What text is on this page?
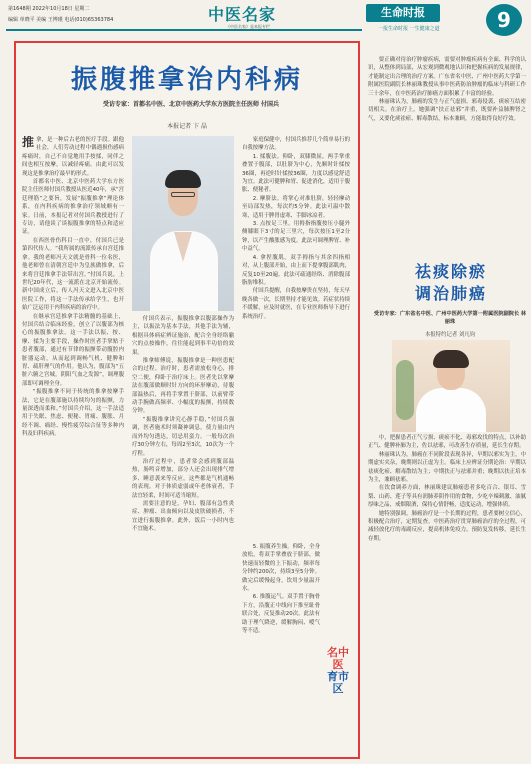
第1648期 2022年10月18日 星期二
编辑 单晓平 美编 王博瑾 电话(010)65363784	中医名家
《中医名家》是本报专栏
生命时报
一报生命时报 一生健康之道	9
振腹推拿治内科病
受访专家：首都名中医、北京中医药大学东方医院主任医师 付国兵
本报记者 卞 晶
推 拿，是一种后古老的医疗手段。跟他社会，人们劳动过程中偶遇损伤感病疼痛时，自己不自觉地用手按揉，同伴之间也相互按摩，以减轻疼痛。由此可以发现这是推拿治疗最早的形式。

首都名中医、北京中医药大学东方医院主任医师付国兵教授从医近40年，承“宫廷理筋”之要旨，发展“振腹推拿”理论体系，在内科疾病的推拿治疗领域颇有一家。日前，本报记者对付国兵教授进行了专访，请他谈了谈振腹推拿的特点和适应证。

在西医骨伤科目一直中，付国兵已是第四代传人。“我所属的流派传承自宫廷推拿。我的老师冯天文就是骨科一位名医，他老师曾在清朝宫廷中为皇族做推拿，后来将宫廷推拿手法带出宫。”付国兵说，上世纪20年代，这一流派在北京开始流传。新中国成立后，传人冯天文进入北京中医医院工作，将这一手法传承给学生，也开始广泛运用于内科疾病的治疗中。

在继承宫廷推拿手法精髓的基础上，付国兵结合临床经验，创立了以腹部为核心的振腹推拿法。这一手法以振、按、摩、揉为主要手段，操作时医者手掌贴于患者腹部，通过有节律的振颤带动腹腔内脏器运动，从而起到调畅气机、健脾和胃、疏肝理气的作用。他认为，腹部为“五脏六腑之宫城，阴阳气血之发源”，调理腹部即可调理全身。

“振腹推拿不同于传统的推拿按摩手法，它是在腹部施以持续均匀的振颤，力量深透而柔和。”付国兵介绍，这一手法适用于失眠、焦虑、便秘、胃痛、腹胀、月经不调、痛经、慢性疲劳综合征等多种内科及妇科疾病。

付国兵表示，振腹推拿以腹部操作为主，以振法为基本手法，其他手法为辅，根据具体病症辨证施治，配合全身经络腧穴的点按操作，往往能起到事半功倍的效果。

推拿师傅说，振腹推拿是一种医患配合的过程。治疗时，患者需放松身心，排空二便，仰卧于治疗床上。医者先以掌摩法在腹部做顺时针方向的环形摩动，待腹部温热后，再将手掌置于脐部，以前臂带动手腕做高频率、小幅度的振颤，持续数分钟。

“振腹推拿讲究心静手稳，”付国兵强调，医者施术时须凝神调息，使力量由内而外均匀透达，切忌用蛮力。一般每次治疗30分钟左右，每周2至3次，10次为一个疗程。

治疗过程中，患者常会感到腹部温热，肠鸣音增加，部分人还会出现排气增多、睡意袭来等反应，这些都是气机通畅的表现。对于体质虚弱或年老体衰者，手法宜轻柔，时间可适当缩短。

需要注意的是，孕妇、腹部有急性炎症、肿瘤、出血倾向以及皮肤破损者，不宜进行振腹推拿。此外，饭后一小时内也不宜施术。

家庭保健中，付国兵推荐几个简单易行的自我按摩方法。

1. 揉腹法。仰卧，双膝微屈，两手掌重叠置于腹部，以肚脐为中心，先顺时针揉按36圈，再逆时针揉按36圈，力度以感觉舒适为宜。此法可健脾和胃、促进消化，适用于腹胀、便秘者。

2. 摩脐法。将掌心对准肚脐，轻轻摩动至局部发热，每次约5分钟。此法可温中散寒，适用于脾胃虚寒、手脚冰凉者。

3. 点按足三里。用拇指指腹按压小腿外侧膝眼下3寸的足三里穴，每次按压1至2分钟，以产生酸胀感为度。此法可调理脾胃、补中益气。

4. 拿捏腹肌。双手拇指与其余四指相对，从上腹部开始，由上而下提拿腹部肌肉，反复10至20遍。此法可疏通经络、消除腹部脂肪堆积。

付国兵提醒，自我按摩贵在坚持，每天早晚各做一次，长期坚持才能见效。若症状持续不缓解，应及时就医，在专业医师指导下进行系统治疗。

5. 振腹养生操。仰卧，全身放松，将双手掌叠放于脐部，做快速而轻微的上下振动，频率每分钟约200次，持续3至5分钟。做完后缓慢起身，饮用少量温开水。

6. 推腹运气。双手置于胸骨下方，沿腹正中线向下推至耻骨联合处，反复推动20次。此法有助于理气降逆，缓解胸闷、嗳气等不适。

名中医
育市区

要正确对待治疗肿瘤疾病，需要对肿瘤疾病有全面、科学的认识，从整体到局部，从宏观到微观地认识和把握疾病的发展规律，才能制定出合理的治疗方案。广东省名中医、广州中医药大学第一附属医院副院长林丽珠教授从事中医药防治肿瘤的临床与科研工作三十余年，在中医药治疗肺癌方面积累了丰富的经验。

林丽珠认为，肺癌的发生与正气虚损、邪毒侵袭、痰瘀互结密切相关。在治疗上，她强调“扶正祛邪”并重，既要补益肺脾肾之气，又要化痰祛瘀、解毒散结，标本兼顾，方能取得良好疗效。

祛痰除瘀
调治肺癌
受访专家：广东省名中医、广州中医药大学第一附属医院副院长 林丽珠
本报特约记者 刘凡钧

中，把握患者正气亏损、痰瘀不化、毒邪攻伐的特点，以补助正气、健脾补肺为主，佐以祛邪，可改善生存质量，延长生存期。

林丽珠认为，肺癌在不同阶段表现各异，早期以邪实为主，中期虚实夹杂，晚期则以正虚为主。临床上应辨证分期论治：早期以祛痰化瘀、解毒散结为主；中期扶正与祛邪并重；晚期以扶正培本为主，兼顾祛邪。

在饮食调养方面，林丽珠建议肺癌患者多吃百合、银耳、雪梨、山药、莲子等具有润肺养阴作用的食物，少吃辛辣刺激、油腻厚味之品，戒烟限酒，保持心情舒畅，适度运动，增强体质。

她特别强调，肺癌治疗是一个长期的过程，患者要树立信心，积极配合治疗，定期复查。中医药治疗贯穿肺癌治疗的全过程，可减轻放化疗的毒副反应，提高机体免疫力，预防复发转移，延长生存期。
